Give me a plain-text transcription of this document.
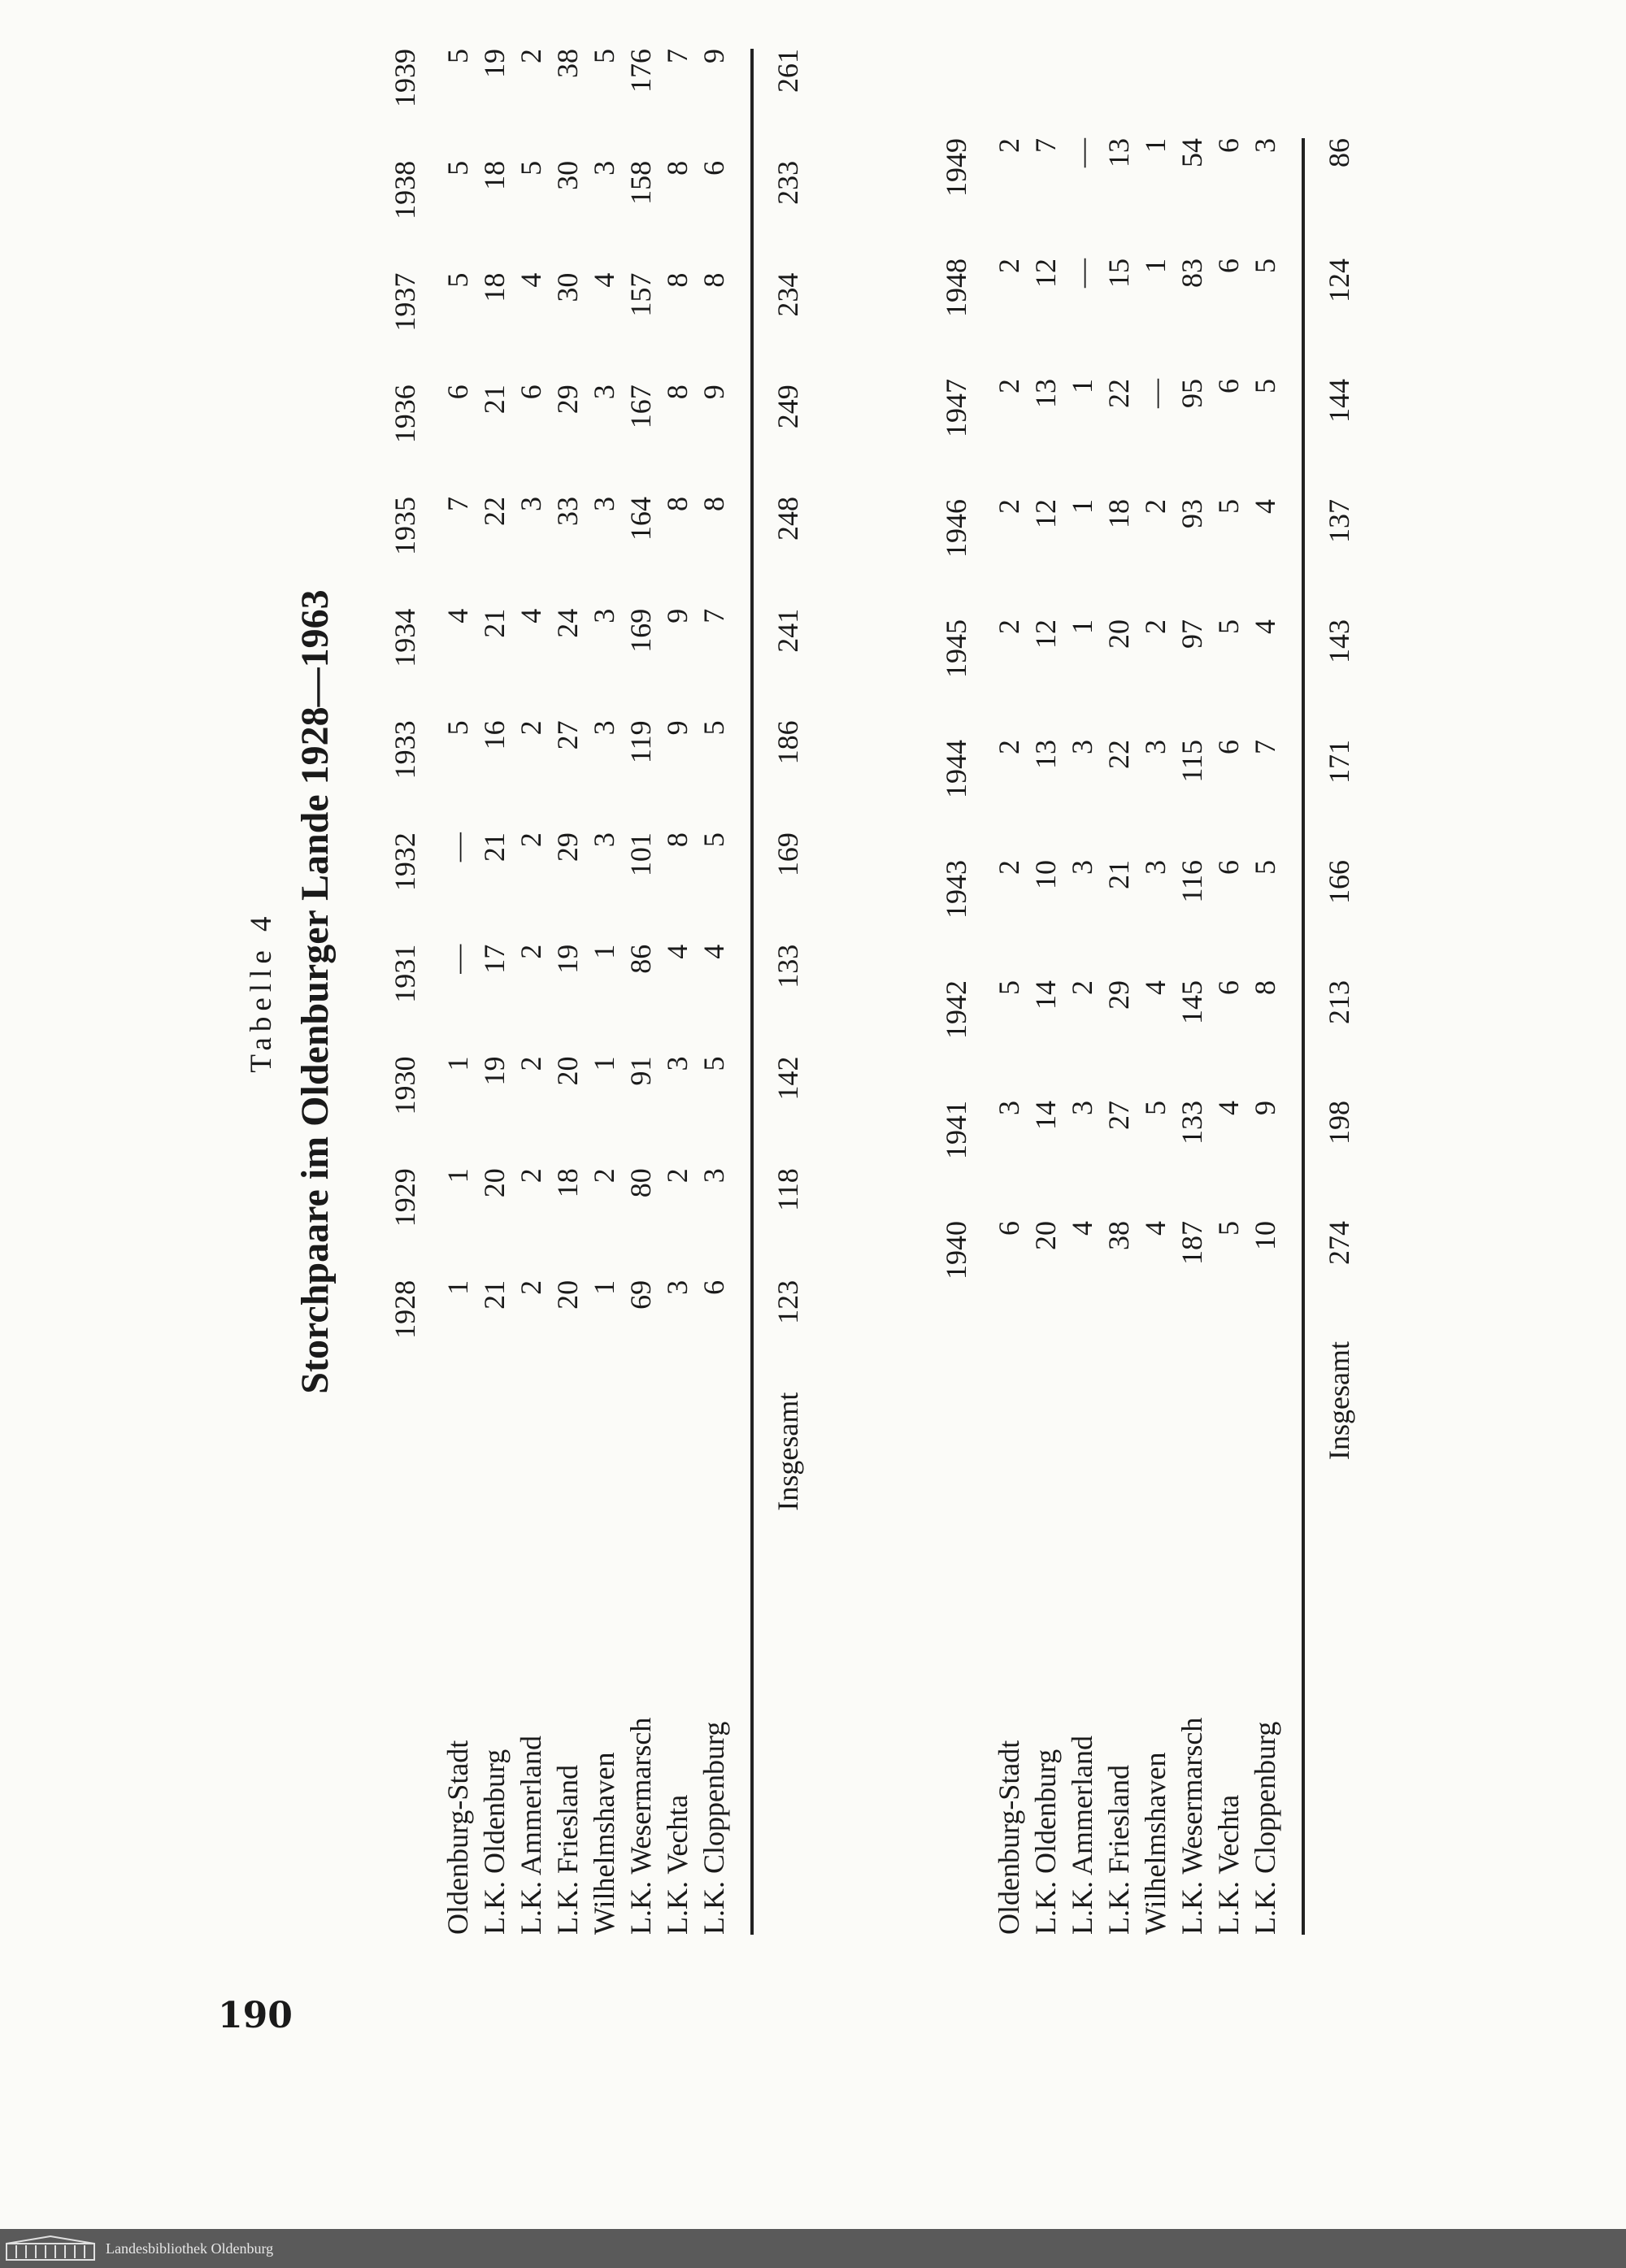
190
Tabelle 4 Storchpaare im Oldenburger Lande 1928—1963
	1928	1929	1930	1931	1932	1933	1934	1935	1936	1937	1938	1939
Oldenburg-Stadt	1	1	1	—	—	5	4	7	6	5	5	5
L.K. Oldenburg	21	20	19	17	21	16	21	22	21	18	18	19
L.K. Ammerland	2	2	2	2	2	2	4	3	6	4	5	2
L.K. Friesland	20	18	20	19	29	27	24	33	29	30	30	38
Wilhelmshaven	1	2	1	1	3	3	3	3	3	4	3	5
L.K. Wesermarsch	69	80	91	86	101	119	169	164	167	157	158	176
L.K. Vechta	3	2	3	4	8	9	9	8	8	8	8	7
L.K. Cloppenburg	6	3	5	4	5	5	7	8	9	8	6	9

Insgesamt	123	118	142	133	169	186	241	248	249	234	233	261
	1940	1941	1942	1943	1944	1945	1946	1947	1948	1949
Oldenburg-Stadt	6	3	5	2	2	2	2	2	2	2
L.K. Oldenburg	20	14	14	10	13	12	12	13	12	7
L.K. Ammerland	4	3	2	3	3	1	1	1	—	—
L.K. Friesland	38	27	29	21	22	20	18	22	15	13
Wilhelmshaven	4	5	4	3	3	2	2	—	1	1
L.K. Wesermarsch	187	133	145	116	115	97	93	95	83	54
L.K. Vechta	5	4	6	6	6	5	5	6	6	6
L.K. Cloppenburg	10	9	8	5	7	4	4	5	5	3

Insgesamt	274	198	213	166	171	143	137	144	124	86
Landesbibliothek Oldenburg
